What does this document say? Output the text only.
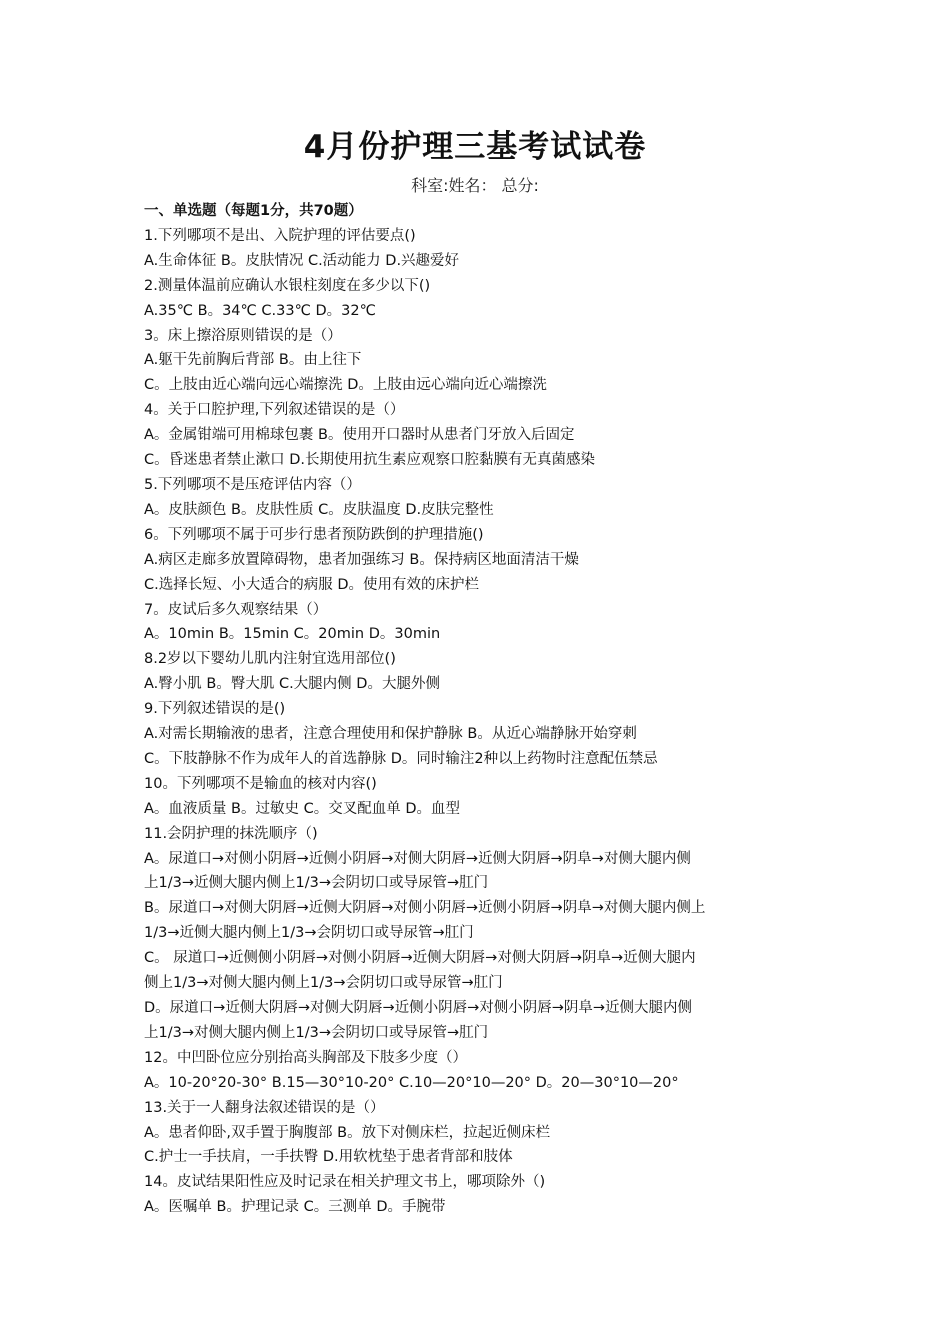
4月份护理三基考试试卷
科室:姓名： 总分:
一、单选题（每题1分，共70题）
1.下列哪项不是出、入院护理的评估要点()
A.生命体征 B。皮肤情况 C.活动能力 D.兴趣爱好
2.测量体温前应确认水银柱刻度在多少以下()
A.35℃ B。34℃ C.33℃ D。32℃
3。床上擦浴原则错误的是（）
A.躯干先前胸后背部 B。由上往下
C。上肢由近心端向远心端擦洗 D。上肢由远心端向近心端擦洗
4。关于口腔护理,下列叙述错误的是（）
A。金属钳端可用棉球包裹 B。使用开口器时从患者门牙放入后固定
C。昏迷患者禁止漱口 D.长期使用抗生素应观察口腔黏膜有无真菌感染
5.下列哪项不是压疮评估内容（）
A。皮肤颜色 B。皮肤性质 C。皮肤温度 D.皮肤完整性
6。下列哪项不属于可步行患者预防跌倒的护理措施()
A.病区走廊多放置障碍物，患者加强练习 B。保持病区地面清洁干燥
C.选择长短、小大适合的病服 D。使用有效的床护栏
7。皮试后多久观察结果（）
A。10min B。15min C。20min D。30min
8.2岁以下婴幼儿肌内注射宜选用部位()
A.臀小肌 B。臀大肌 C.大腿内侧 D。大腿外侧
9.下列叙述错误的是()
A.对需长期输液的患者，注意合理使用和保护静脉 B。从近心端静脉开始穿刺
C。下肢静脉不作为成年人的首选静脉 D。同时输注2种以上药物时注意配伍禁忌
10。下列哪项不是输血的核对内容()
A。血液质量 B。过敏史 C。交叉配血单 D。血型
11.会阴护理的抹洗顺序（)
A。尿道口→对侧小阴唇→近侧小阴唇→对侧大阴唇→近侧大阴唇→阴阜→对侧大腿内侧
上1/3→近侧大腿内侧上1/3→会阴切口或导尿管→肛门
B。尿道口→对侧大阴唇→近侧大阴唇→对侧小阴唇→近侧小阴唇→阴阜→对侧大腿内侧上
1/3→近侧大腿内侧上1/3→会阴切口或导尿管→肛门
C。 尿道口→近侧侧小阴唇→对侧小阴唇→近侧大阴唇→对侧大阴唇→阴阜→近侧大腿内
侧上1/3→对侧大腿内侧上1/3→会阴切口或导尿管→肛门
D。尿道口→近侧大阴唇→对侧大阴唇→近侧小阴唇→对侧小阴唇→阴阜→近侧大腿内侧
上1/3→对侧大腿内侧上1/3→会阴切口或导尿管→肛门
12。中凹卧位应分别抬高头胸部及下肢多少度（）
A。10-20°20-30° B.15—30°10-20° C.10—20°10—20° D。20—30°10—20°
13.关于一人翻身法叙述错误的是（）
A。患者仰卧,双手置于胸腹部 B。放下对侧床栏，拉起近侧床栏
C.护士一手扶肩，一手扶臀 D.用软枕垫于患者背部和肢体
14。皮试结果阳性应及时记录在相关护理文书上，哪项除外（)
A。医嘱单 B。护理记录 C。三测单 D。手腕带
